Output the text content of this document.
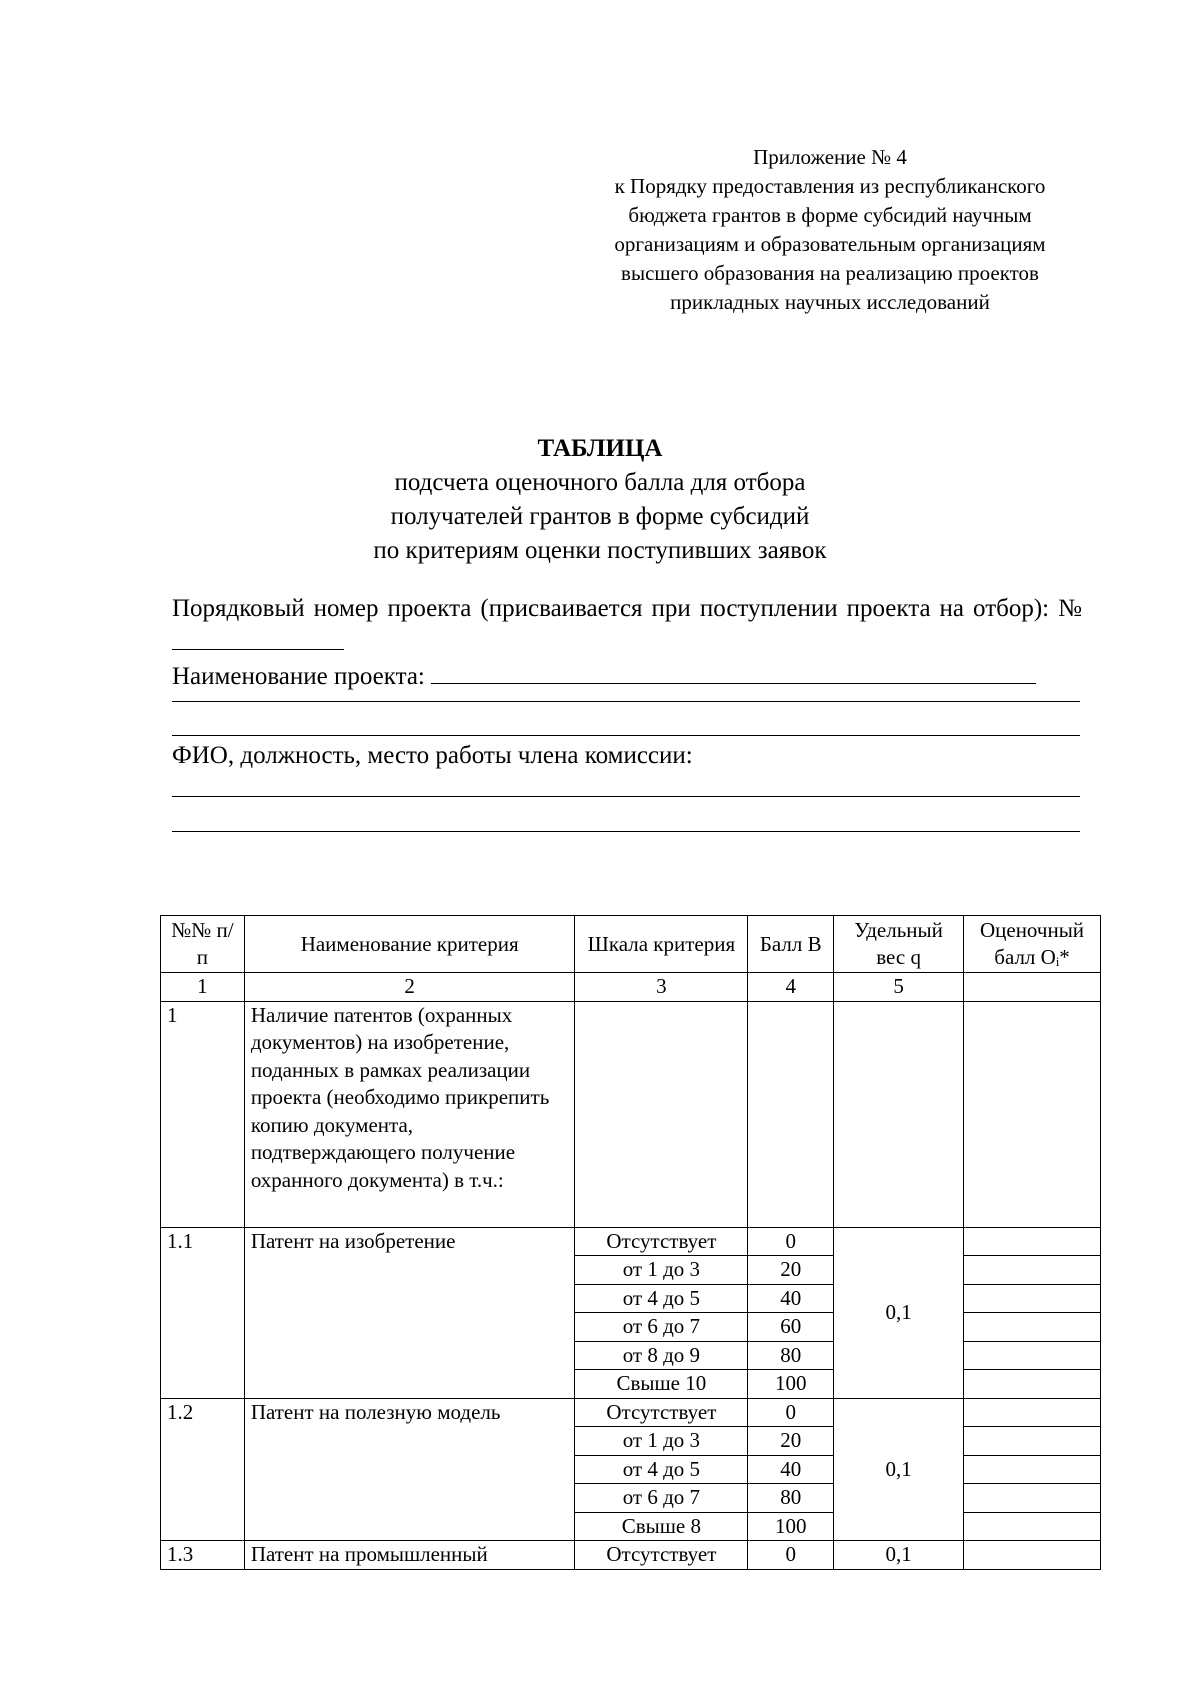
Приложение № 4
к Порядку предоставления из республиканского
бюджета грантов в форме субсидий научным
организациям и образовательным организациям
высшего образования на реализацию проектов
прикладных научных исследований
ТАБЛИЦА
подсчета оценочного балла для отбора
получателей грантов в форме субсидий
по критериям оценки поступивших заявок

Порядковый номер проекта (присваивается при поступлении проекта на отбор): №

Наименование проекта:

ФИО, должность, место работы члена комиссии:

№№ п/п	Наименование критерия	Шкала критерия	Балл B	Удельный вес q	Оценочный балл Oᵢ*
1	2	3	4	5	
1	Наличие патентов (охранных документов) на изобретение, поданных в рамках реализации проекта (необходимо прикрепить копию документа, подтверждающего получение охранного документа) в т.ч.:				
1.1	Патент на изобретение	Отсутствует	0	0,1	
		от 1 до 3	20		
		от 4 до 5	40		
		от 6 до 7	60		
		от 8 до 9	80		
		Свыше 10	100		
1.2	Патент на полезную модель	Отсутствует	0	0,1	
		от 1 до 3	20		
		от 4 до 5	40		
		от 6 до 7	80		
		Свыше 8	100		
1.3	Патент на промышленный	Отсутствует	0	0,1	
